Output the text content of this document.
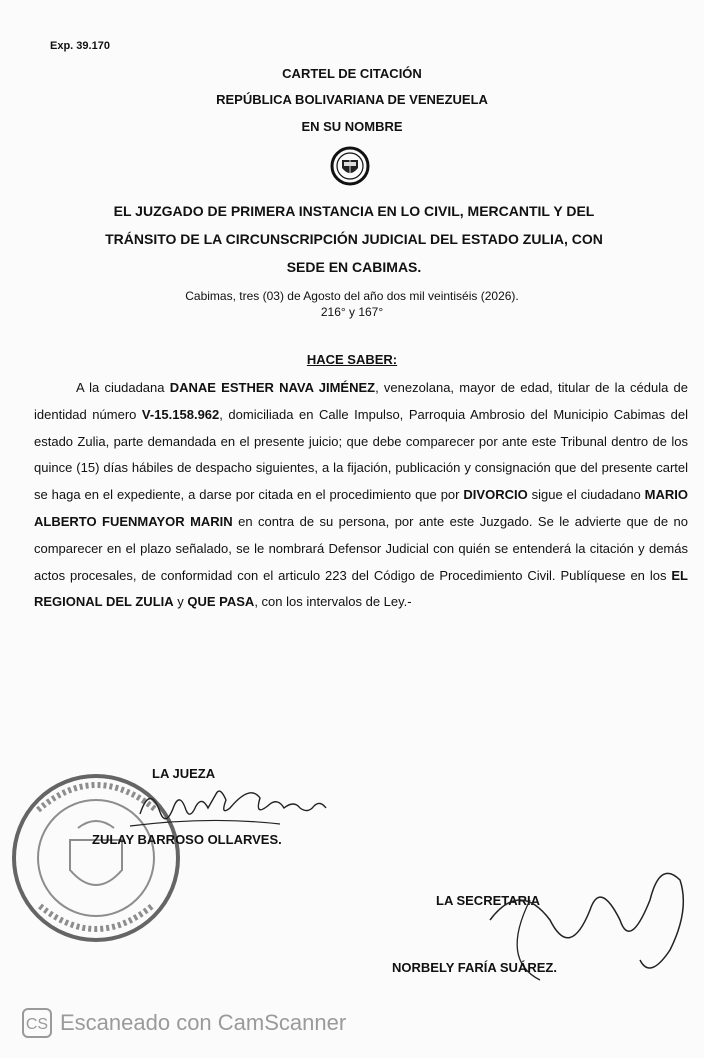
Exp. 39.170
CARTEL DE CITACIÓN
REPÚBLICA BOLIVARIANA DE VENEZUELA
EN SU NOMBRE
EL JUZGADO DE PRIMERA INSTANCIA EN LO CIVIL, MERCANTIL Y DEL
TRÁNSITO DE LA CIRCUNSCRIPCIÓN JUDICIAL DEL ESTADO ZULIA, CON
SEDE EN CABIMAS.
Cabimas, tres (03) de Agosto del año dos mil veintiséis (2026).
216° y 167°
HACE SABER:
A la ciudadana DANAE ESTHER NAVA JIMÉNEZ, venezolana, mayor de edad, titular de la cédula de identidad número V-15.158.962, domiciliada en Calle Impulso, Parroquia Ambrosio del Municipio Cabimas del estado Zulia, parte demandada en el presente juicio; que debe comparecer por ante este Tribunal dentro de los quince (15) días hábiles de despacho siguientes, a la fijación, publicación y consignación que del presente cartel se haga en el expediente, a darse por citada en el procedimiento que por DIVORCIO sigue el ciudadano MARIO ALBERTO FUENMAYOR MARIN en contra de su persona, por ante este Juzgado. Se le advierte que de no comparecer en el plazo señalado, se le nombrará Defensor Judicial con quién se entenderá la citación y demás actos procesales, de conformidad con el articulo 223 del Código de Procedimiento Civil. Publíquese en los EL REGIONAL DEL ZULIA y QUE PASA, con los intervalos de Ley.-
LA JUEZA
ZULAY BARROSO OLLARVES.
LA SECRETARIA
NORBELY FARÍA SUÁREZ.
CS Escaneado con CamScanner
